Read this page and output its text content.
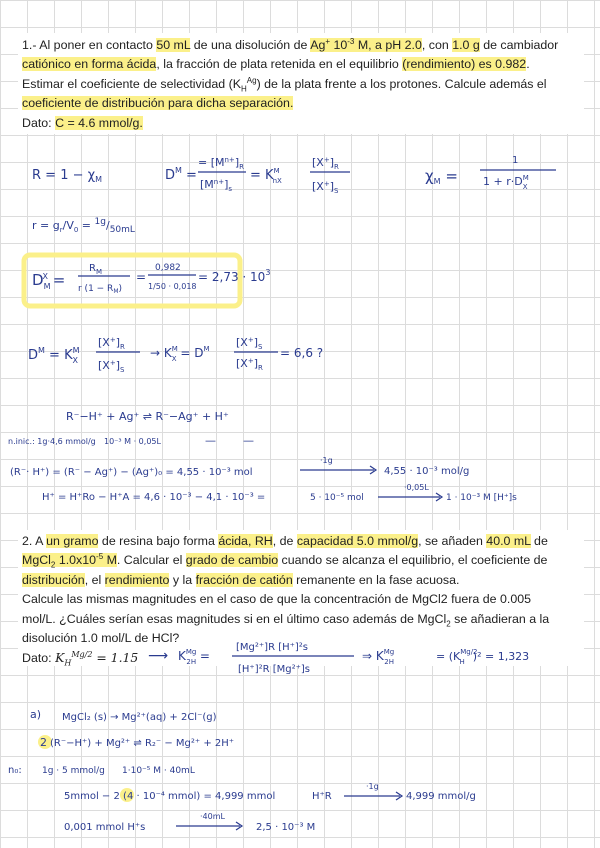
1.- Al poner en contacto 50 mL de una disolución de Ag+ $10^{-3}$ M, a pH 2.0, con 1.0 g de cambiador

catiónico en forma ácida, la fracción de plata retenida en el equilibrio (rendimiento) es 0.982.

Estimar el coeficiente de selectividad $(K_H^{Ag})$ de la plata frente a los protones. Calcule además el

coeficiente de distribución para dicha separación.

Dato: C = 4.6 mmol/g.

2. A un gramo de resina bajo forma ácida, RH, de capacidad 5.0 mmol/g, se añaden 40.0 mL de

MgCl$_2$ $1.0x10^{-5}$ M. Calcular el grado de cambio cuando se alcanza el equilibrio, el coeficiente de

distribución, el rendimiento y la fracción de catión remanente en la fase acuosa.

Calcule las mismas magnitudes en el caso de que la concentración de MgCl2 fuera de 0.005

mol/L. ¿Cuáles serían esas magnitudes si en el último caso además de MgCl$_2$ se añadieran a la

disolución 1.0 mol/L de HCl?

Dato: $K_H^{Mg/2} = 1.15$

$R = 1 - \chi_M$	$D^M$ =
= $[M^{n+}]_R$
$[M^{n+}]_s$
= $K^M$ nX
$[X^+]_R$
$[X^+]_S$
$\chi_M$ =
1
$1 + r\cdot D^M$ X
$r = g_r/V_0 = ^{1g}/_{50mL}$
$D_MX$ =
$R_M$
r $(1 - R_M)$
=
0,982
1/50 · 0,018
= $2,73 \cdot 10^3$
$D^M = K^M$ X
$[X^+]_R$
$[X^+]_S$
→ $K^M$ $X = D^M$ $[X^+]_S$
$[X^+]_R$
= 6,6 ?
R⁻−H⁺ + Ag⁺ ⇌ R⁻−Ag⁺ + H⁺
n.inic.: 1g·4,6 mmol/g 10⁻³ M · 0,05L	— —
(R⁻· H⁺) = (R⁻ − Ag⁺) − (Ag⁺)₀ = 4,55 · 10⁻³ mol
·1g
4,55 · 10⁻³ mol/g
H⁺ = H⁺Ro − H⁺A = 4,6 · 10⁻³ − 4,1 · 10⁻³ =	5 · 10⁻⁵ mol
·0,05L
1 · 10⁻³ M [H⁺]s
⟶ $K^{Mg}$ 2H =
[Mg²⁺]R [H⁺]²s
[H⁺]²R [Mg²⁺]s
⇒ $K^{Mg}$ 2H	= ($K^{Mg/2}$ H )² = 1,323
a) MgCl₂ (s) → Mg²⁺(aq) + 2Cl⁻(g)
2 (R⁻−H⁺) + Mg²⁺ ⇌ R₂⁻ − Mg²⁺ + 2H⁺
n₀: 1g · 5 mmol/g 1·10⁻⁵ M · 40mL
5mmol − 2 (4 · 10⁻⁴ mmol) = 4,999 mmol	H⁺R
·1g
4,999 mmol/g
0,001 mmol H⁺s
·40mL
2,5 · 10⁻³ M
